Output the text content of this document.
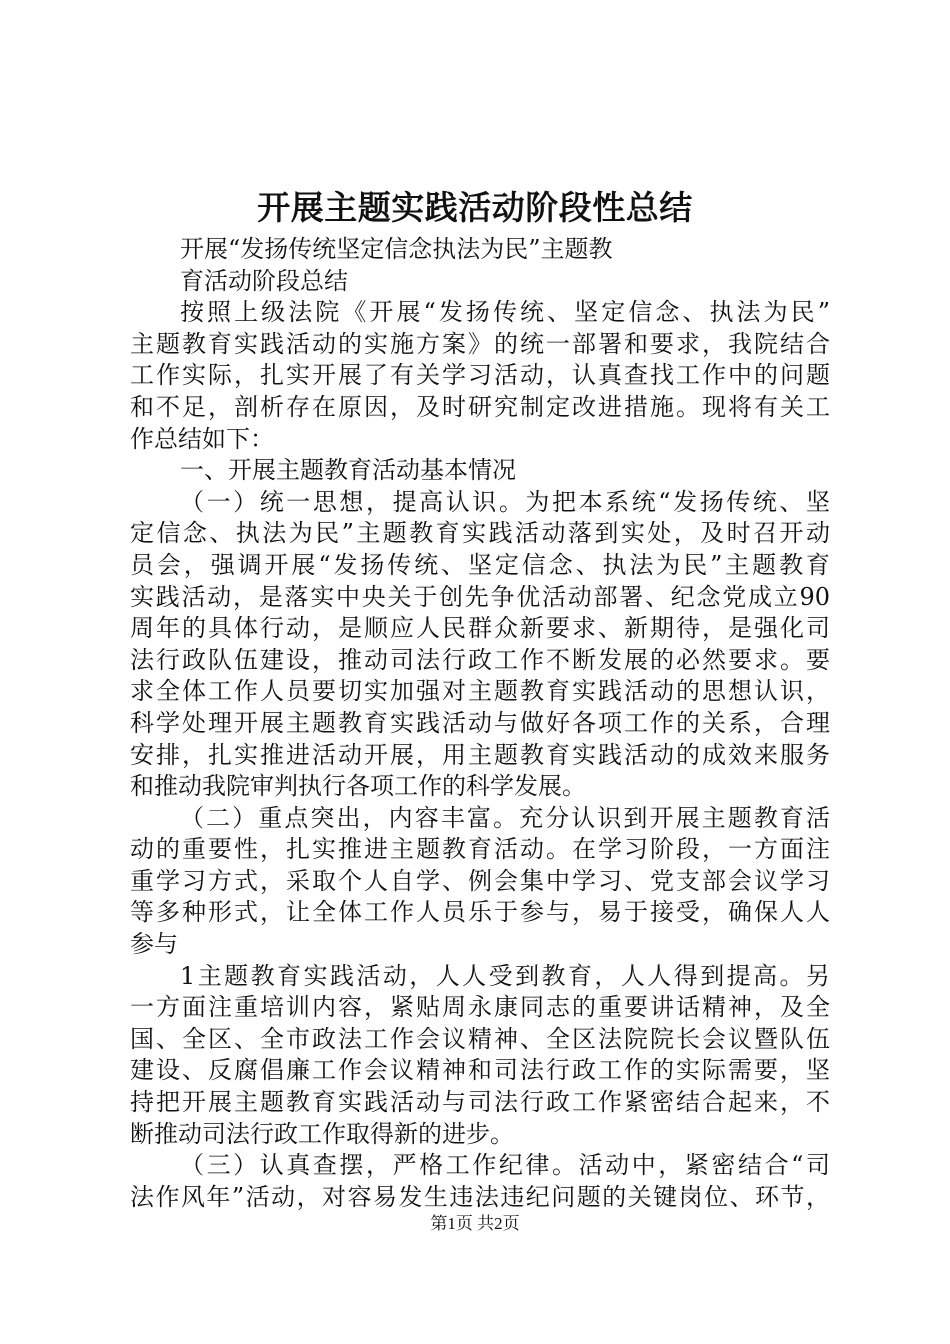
开展主题实践活动阶段性总结
开展“发扬传统坚定信念执法为民”主题教
育活动阶段总结
按照上级法院《开展“发扬传统、坚定信念、执法为民”
主题教育实践活动的实施方案》的统一部署和要求，我院结合
工作实际，扎实开展了有关学习活动，认真查找工作中的问题
和不足，剖析存在原因，及时研究制定改进措施。现将有关工
作总结如下：
一、开展主题教育活动基本情况
（一）统一思想，提高认识。为把本系统“发扬传统、坚
定信念、执法为民”主题教育实践活动落到实处，及时召开动
员会，强调开展“发扬传统、坚定信念、执法为民”主题教育
实践活动，是落实中央关于创先争优活动部署、纪念党成立90
周年的具体行动，是顺应人民群众新要求、新期待，是强化司
法行政队伍建设，推动司法行政工作不断发展的必然要求。要
求全体工作人员要切实加强对主题教育实践活动的思想认识，
科学处理开展主题教育实践活动与做好各项工作的关系，合理
安排，扎实推进活动开展，用主题教育实践活动的成效来服务
和推动我院审判执行各项工作的科学发展。
（二）重点突出，内容丰富。充分认识到开展主题教育活
动的重要性，扎实推进主题教育活动。在学习阶段，一方面注
重学习方式，采取个人自学、例会集中学习、党支部会议学习
等多种形式，让全体工作人员乐于参与，易于接受，确保人人
参与
1主题教育实践活动，人人受到教育，人人得到提高。另
一方面注重培训内容，紧贴周永康同志的重要讲话精神，及全
国、全区、全市政法工作会议精神、全区法院院长会议暨队伍
建设、反腐倡廉工作会议精神和司法行政工作的实际需要，坚
持把开展主题教育实践活动与司法行政工作紧密结合起来，不
断推动司法行政工作取得新的进步。
（三）认真查摆，严格工作纪律。活动中，紧密结合“司
法作风年”活动，对容易发生违法违纪问题的关键岗位、环节，
第1页 共2页
